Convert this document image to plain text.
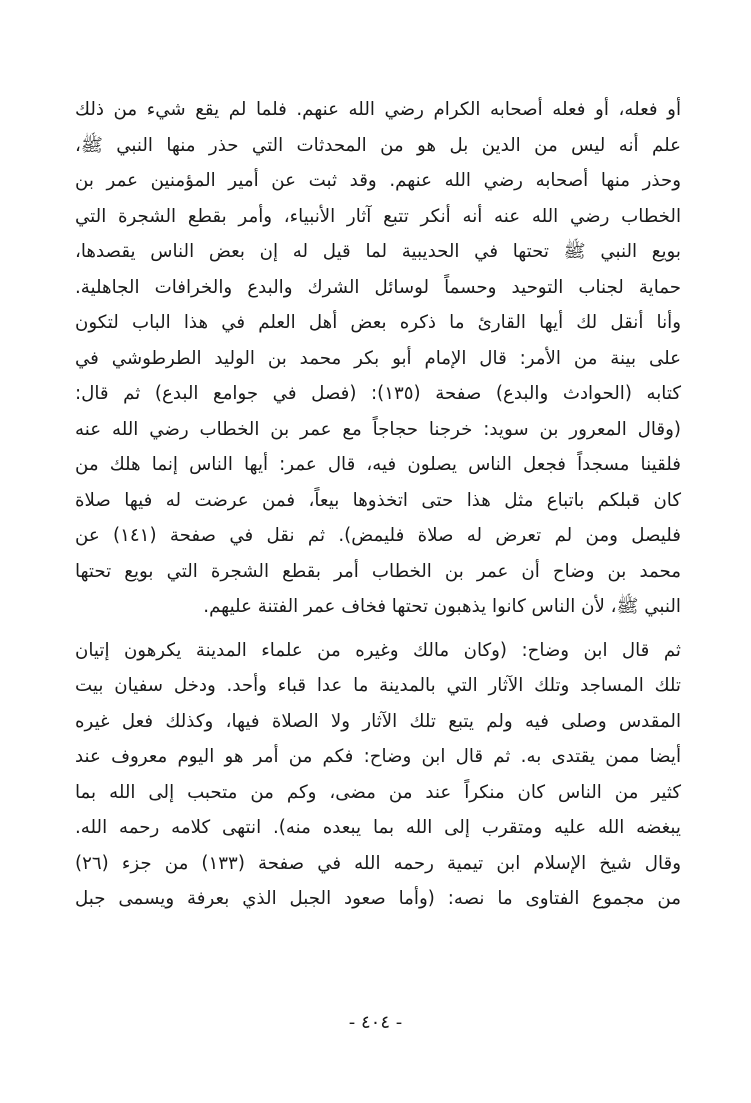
أو فعله، أو فعله أصحابه الكرام رضي الله عنهم. فلما لم يقع شيء من ذلك
علم أنه ليس من الدين بل هو من المحدثات التي حذر منها النبي ﷺ،
وحذر منها أصحابه رضي الله عنهم. وقد ثبت عن أمير المؤمنين عمر بن
الخطاب رضي الله عنه أنه أنكر تتبع آثار الأنبياء، وأمر بقطع الشجرة التي
بويع النبي ﷺ تحتها في الحديبية لما قيل له إن بعض الناس يقصدها،
حماية لجناب التوحيد وحسماً لوسائل الشرك والبدع والخرافات الجاهلية.
وأنا أنقل لك أيها القارئ ما ذكره بعض أهل العلم في هذا الباب لتكون
على بينة من الأمر: قال الإمام أبو بكر محمد بن الوليد الطرطوشي في
كتابه (الحوادث والبدع) صفحة (١٣٥): (فصل في جوامع البدع) ثم قال:
(وقال المعرور بن سويد: خرجنا حجاجاً مع عمر بن الخطاب رضي الله عنه
فلقينا مسجداً فجعل الناس يصلون فيه، قال عمر: أيها الناس إنما هلك من
كان قبلكم باتباع مثل هذا حتى اتخذوها بيعاً، فمن عرضت له فيها صلاة
فليصل ومن لم تعرض له صلاة فليمض). ثم نقل في صفحة (١٤١) عن
محمد بن وضاح أن عمر بن الخطاب أمر بقطع الشجرة التي بويع تحتها
النبي ﷺ، لأن الناس كانوا يذهبون تحتها فخاف عمر الفتنة عليهم.

ثم قال ابن وضاح: (وكان مالك وغيره من علماء المدينة يكرهون إتيان
تلك المساجد وتلك الآثار التي بالمدينة ما عدا قباء وأحد. ودخل سفيان بيت
المقدس وصلى فيه ولم يتبع تلك الآثار ولا الصلاة فيها، وكذلك فعل غيره
أيضا ممن يقتدى به. ثم قال ابن وضاح: فكم من أمر هو اليوم معروف عند
كثير من الناس كان منكراً عند من مضى، وكم من متحبب إلى الله بما
يبغضه الله عليه ومتقرب إلى الله بما يبعده منه). انتهى كلامه رحمه الله.
وقال شيخ الإسلام ابن تيمية رحمه الله في صفحة (١٣٣) من جزء (٢٦)
من مجموع الفتاوى ما نصه: (وأما صعود الجبل الذي بعرفة ويسمى جبل

- ٤٠٤ -
